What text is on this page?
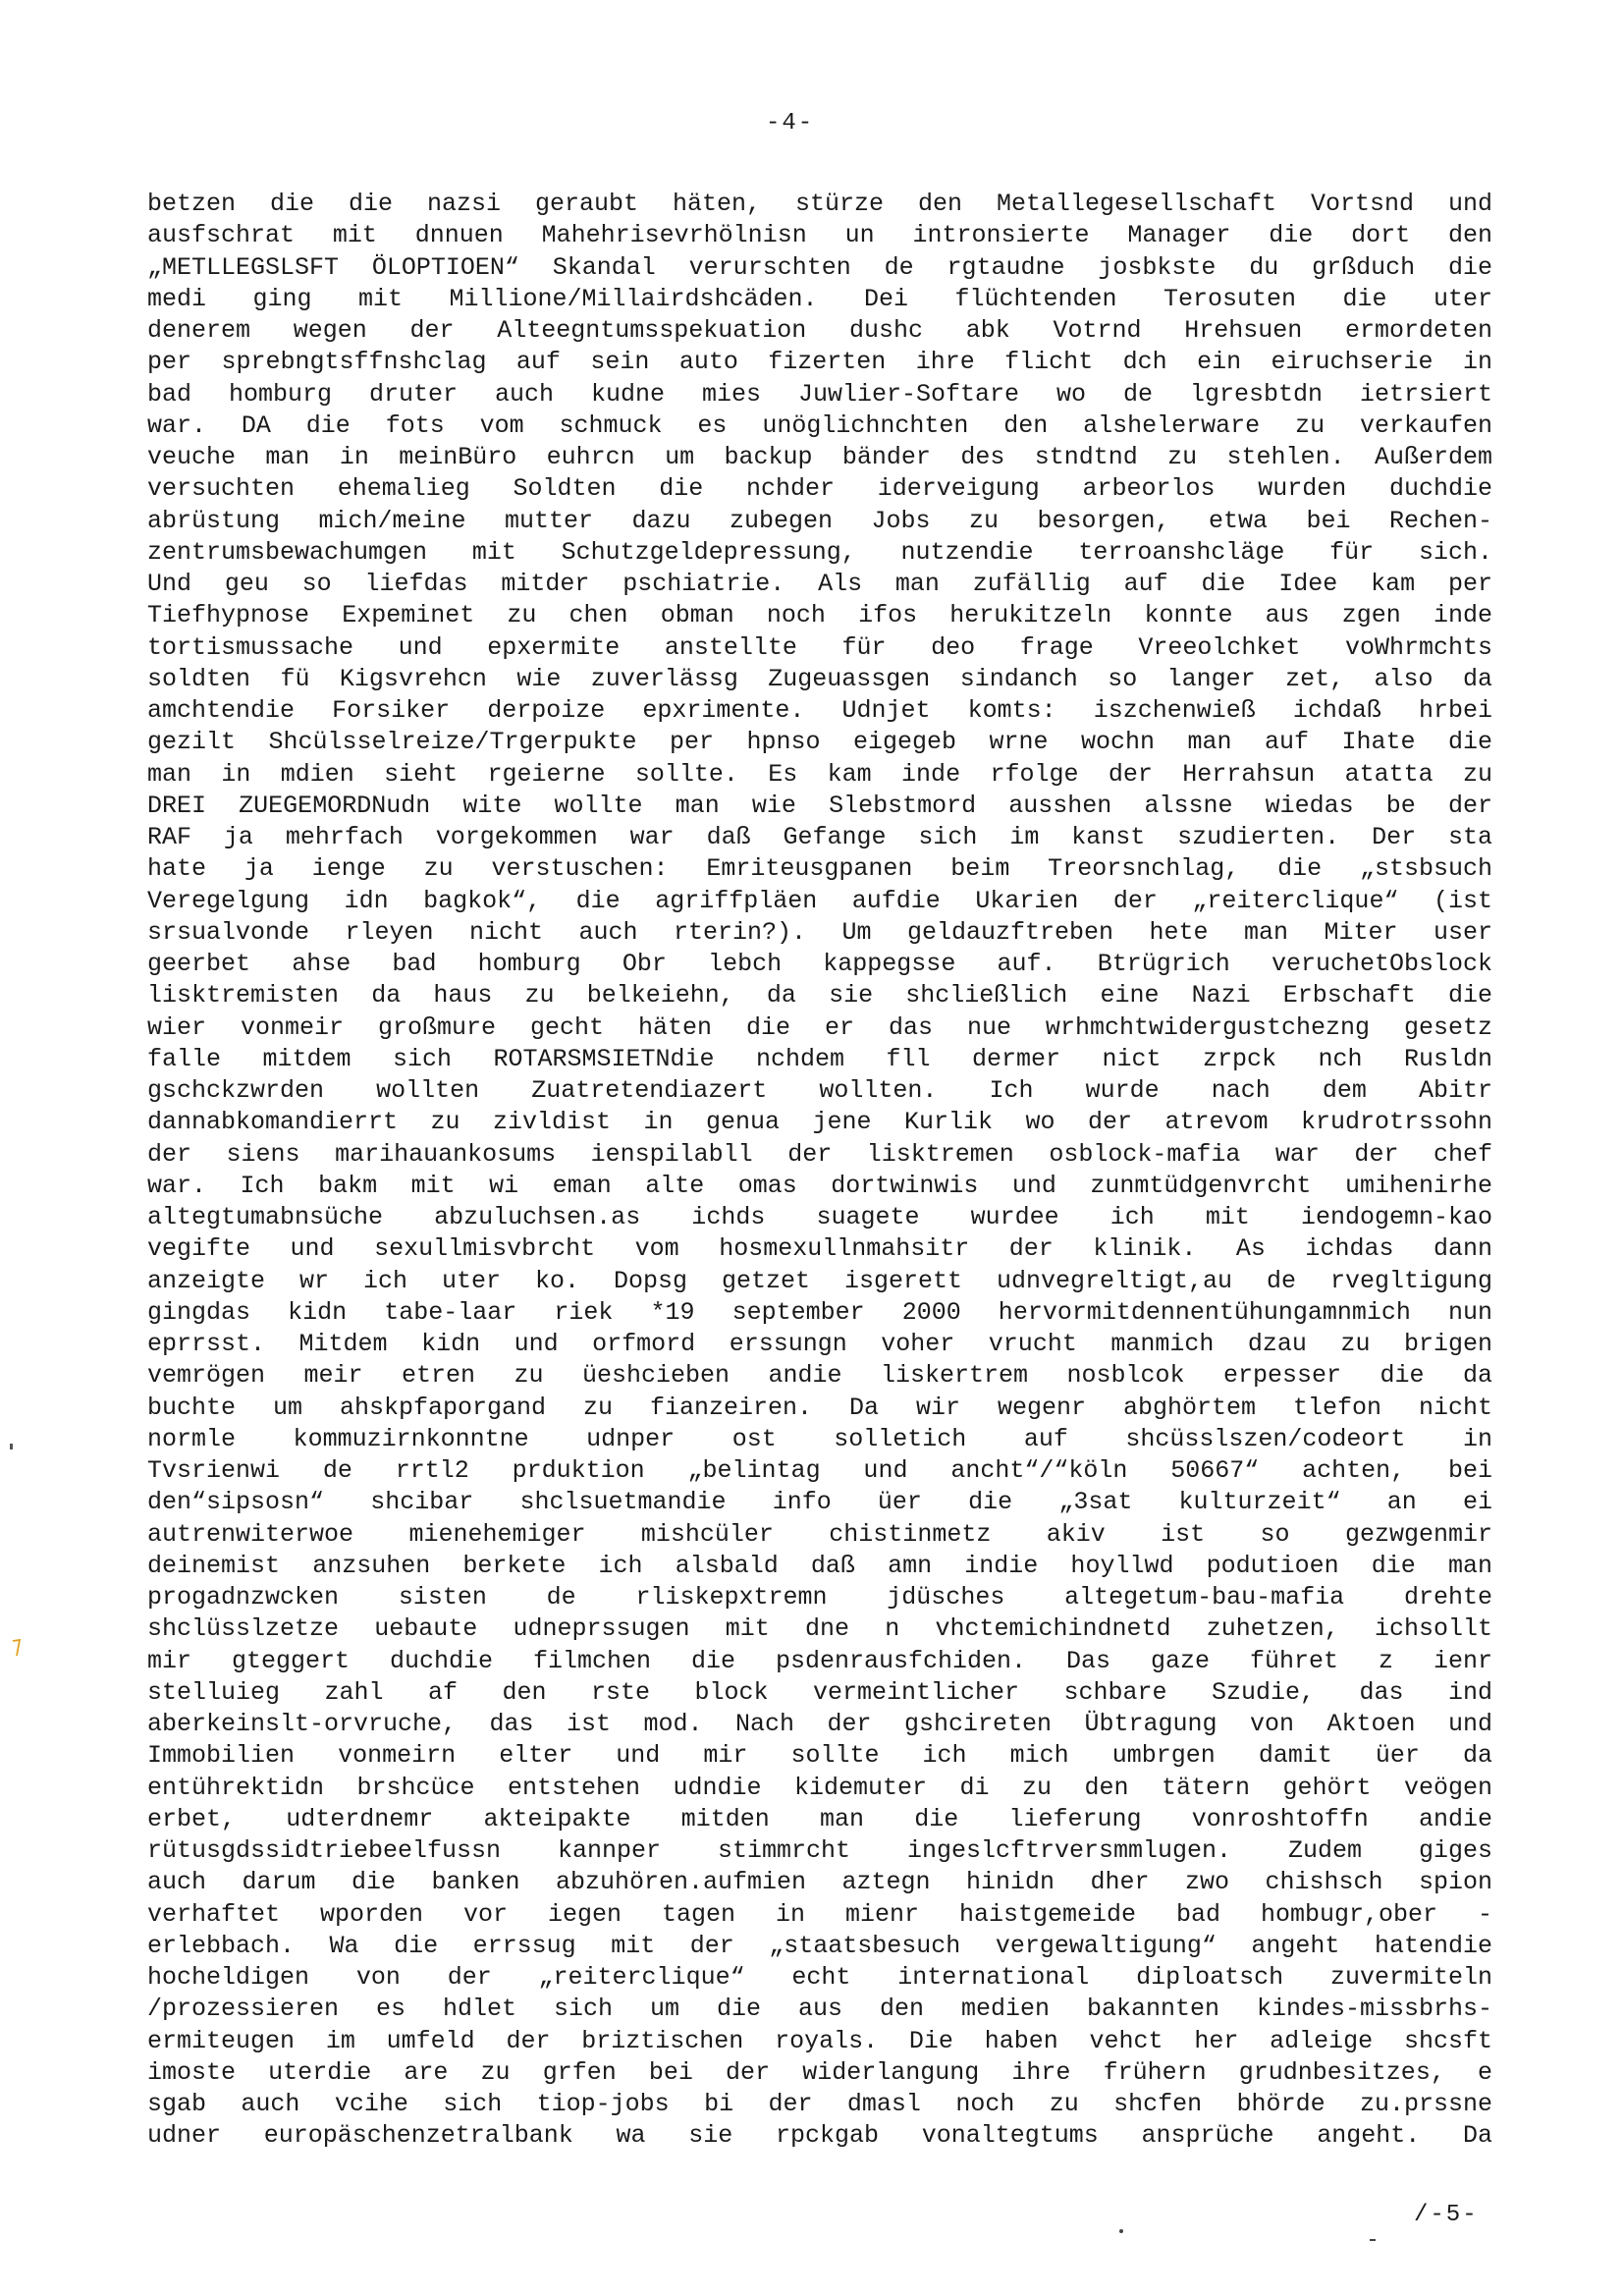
-4-
betzen die die nazsi geraubt häten, stürze den Metallegesellschaft Vortsnd und
ausfschrat mit dnnuen Mahehrisevrhölnisn un intronsierte Manager die dort den
„METLLEGSLSFT ÖLOPTIOEN“ Skandal verurschten de rgtaudne josbkste du grßduch die
medi ging mit Millione/Millairdshcäden. Dei flüchtenden Terosuten die uter
denerem wegen der Alteegntumsspekuation dushc abk Votrnd Hrehsuen ermordeten
per sprebngtsffnshclag auf sein auto fizerten ihre flicht dch ein eiruchserie in
bad homburg druter auch kudne mies Juwlier-Softare wo de lgresbtdn ietrsiert
war. DA die fots vom schmuck es unöglichnchten den alshelerware zu verkaufen
veuche man in meinBüro euhrcn um backup bänder des stndtnd zu stehlen. Außerdem
versuchten ehemalieg Soldten die nchder iderveigung arbeorlos wurden duchdie
abrüstung mich/meine mutter dazu zubegen Jobs zu besorgen, etwa bei Rechen-
zentrumsbewachumgen mit Schutzgeldepressung, nutzendie terroanshcläge für sich.
Und geu so liefdas mitder pschiatrie. Als man zufällig auf die Idee kam per
Tiefhypnose Expeminet zu chen obman noch ifos herukitzeln konnte aus zgen inde
tortismussache und epxermite anstellte für deo frage Vreeolchket voWhrmchts
soldten fü Kigsvrehcn wie zuverlässg Zugeuassgen sindanch so langer zet, also da
amchtendie Forsiker derpoize epxrimente. Udnjet komts: iszchenwieß ichdaß hrbei
gezilt Shcülsselreize/Trgerpukte per hpnso eigegeb wrne wochn man auf Ihate die
man in mdien sieht rgeierne sollte. Es kam inde rfolge der Herrahsun atatta zu
DREI ZUEGEMORDNudn wite wollte man wie Slebstmord ausshen alssne wiedas be der
RAF ja mehrfach vorgekommen war daß Gefange sich im kanst szudierten. Der sta
hate ja ienge zu verstuschen: Emriteusgpanen beim Treorsnchlag, die „stsbsuch
Veregelgung idn bagkok“, die agriffpläen aufdie Ukarien der „reiterclique“ (ist
srsualvonde rleyen nicht auch rterin?). Um geldauzftreben hete man Miter user
geerbet ahse bad homburg Obr lebch kappegsse auf. Btrügrich veruchetObslock
lisktremisten da haus zu belkeiehn, da sie shcließlich eine Nazi Erbschaft die
wier vonmeir großmure gecht häten die er das nue wrhmchtwidergustchezng gesetz
falle mitdem sich ROTARSMSIETNdie nchdem fll dermer nict zrpck nch Rusldn
gschckzwrden wollten Zuatretendiazert wollten. Ich wurde nach dem Abitr
dannabkomandierrt zu zivldist in genua jene Kurlik wo der atrevom krudrotrssohn
der siens marihauankosums ienspilabll der lisktremen osblock-mafia war der chef
war. Ich bakm mit wi eman alte omas dortwinwis und zunmtüdgenvrcht umihenirhe
altegtumabnsüche abzuluchsen.as ichds suagete wurdee ich mit iendogemn-kao
vegifte und sexullmisvbrcht vom hosmexullnmahsitr der klinik. As ichdas dann
anzeigte wr ich uter ko. Dopsg getzet isgerett udnvegreltigt,au de rvegltigung
gingdas kidn tabe-laar riek *19 september 2000 hervormitdennentühungamnmich nun
eprrsst. Mitdem kidn und orfmord erssungn voher vrucht manmich dzau zu brigen
vemrögen meir etren zu üeshcieben andie liskertrem nosblcok erpesser die da
buchte um ahskpfaporgand zu fianzeiren. Da wir wegenr abghörtem tlefon nicht
normle kommuzirnkonntne udnper ost solletich auf shcüsslszen/codeort in
Tvsrienwi de rrtl2 prduktion „belintag und ancht“/“köln 50667“ achten, bei
den“sipsosn“ shcibar shclsuetmandie info üer die „3sat kulturzeit“ an ei
autrenwiterwoe mienehemiger mishcüler chistinmetz akiv ist so gezwgenmir
deinemist anzsuhen berkete ich alsbald daß amn indie hoyllwd podutioen die man
progadnzwcken sisten de rliskepxtremn jdüsches altegetum-bau-mafia drehte
shclüsslzetze uebaute udneprssugen mit dne n vhctemichindnetd zuhetzen, ichsollt
mir gteggert duchdie filmchen die psdenrausfchiden. Das gaze führet z ienr
stelluieg zahl af den rste block vermeintlicher schbare Szudie, das ind
aberkeinslt-orvruche, das ist mod. Nach der gshcireten Übtragung von Aktoen und
Immobilien vonmeirn elter und mir sollte ich mich umbrgen damit üer da
entührektidn brshcüce entstehen udndie kidemuter di zu den tätern gehört veögen
erbet, udterdnemr akteipakte mitden man die lieferung vonroshtoffn andie
rütusgdssidtriebeelfussn kannper stimmrcht ingeslcftrversmmlugen. Zudem giges
auch darum die banken abzuhören.aufmien aztegn hinidn dher zwo chishsch spion
verhaftet wporden vor iegen tagen in mienr haistgemeide bad hombugr,ober -
erlebbach. Wa die errssug mit der „staatsbesuch vergewaltigung“ angeht hatendie
hocheldigen von der „reiterclique“ echt international diploatsch zuvermiteln
/prozessieren es hdlet sich um die aus den medien bakannten kindes-missbrhs-
ermiteugen im umfeld der briztischen royals. Die haben vehct her adleige shcsft
imoste uterdie are zu grfen bei der widerlangung ihre frühern grudnbesitzes, e
sgab auch vcihe sich tiop-jobs bi der dmasl noch zu shcfen bhörde zu.prssne
udner europäschenzetralbank wa sie rpckgab vonaltegtums ansprüche angeht. Da
/-5-
